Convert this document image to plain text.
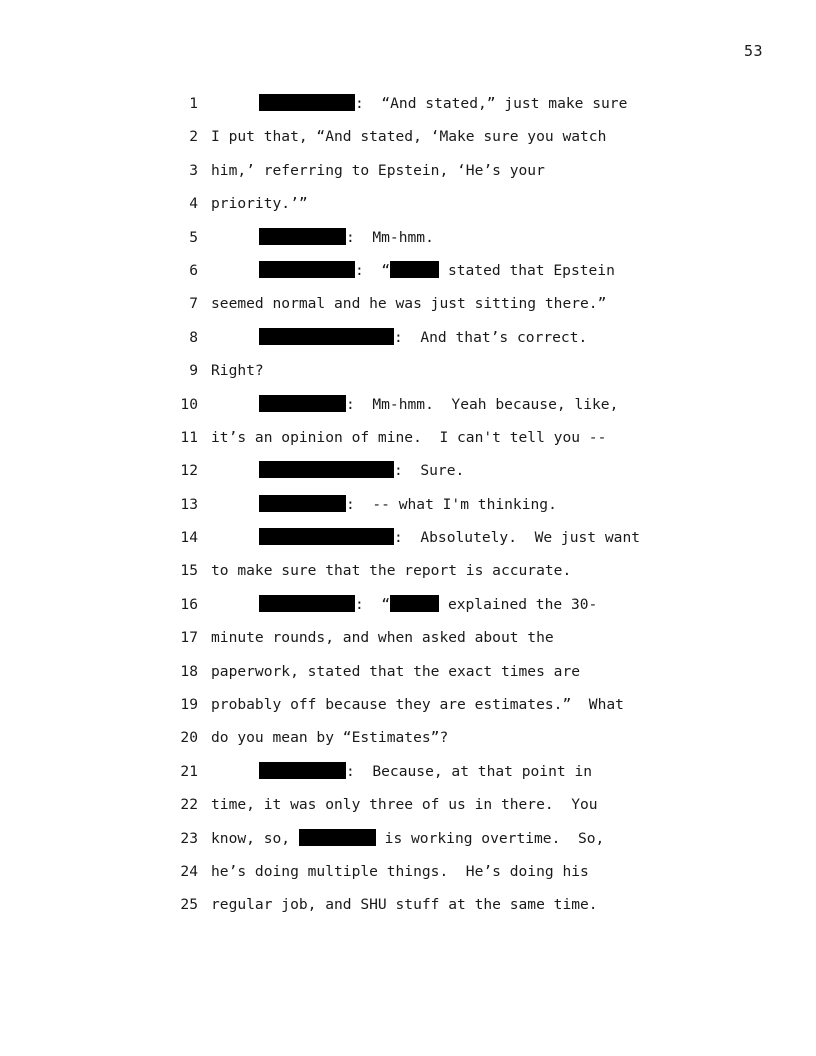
53
1	:  “And stated,” just make sure
2 I put that, “And stated, ‘Make sure you watch
3 him,’ referring to Epstein, ‘He’s your
4 priority.’”
5	:  Mm-hmm.
6	:  “	stated that Epstein
7 seemed normal and he was just sitting there.”
8	:  And that’s correct.
9 Right?
10	:  Mm-hmm.  Yeah because, like,
11 it’s an opinion of mine.  I can't tell you --
12	:  Sure.
13	:  -- what I'm thinking.
14	:  Absolutely.  We just want
15 to make sure that the report is accurate.
16	:  “	explained the 30-
17 minute rounds, and when asked about the
18 paperwork, stated that the exact times are
19 probably off because they are estimates.”  What
20 do you mean by “Estimates”?
21	:  Because, at that point in
22 time, it was only three of us in there.  You
23 know, so,	is working overtime.  So,
24 he’s doing multiple things.  He’s doing his
25 regular job, and SHU stuff at the same time.
